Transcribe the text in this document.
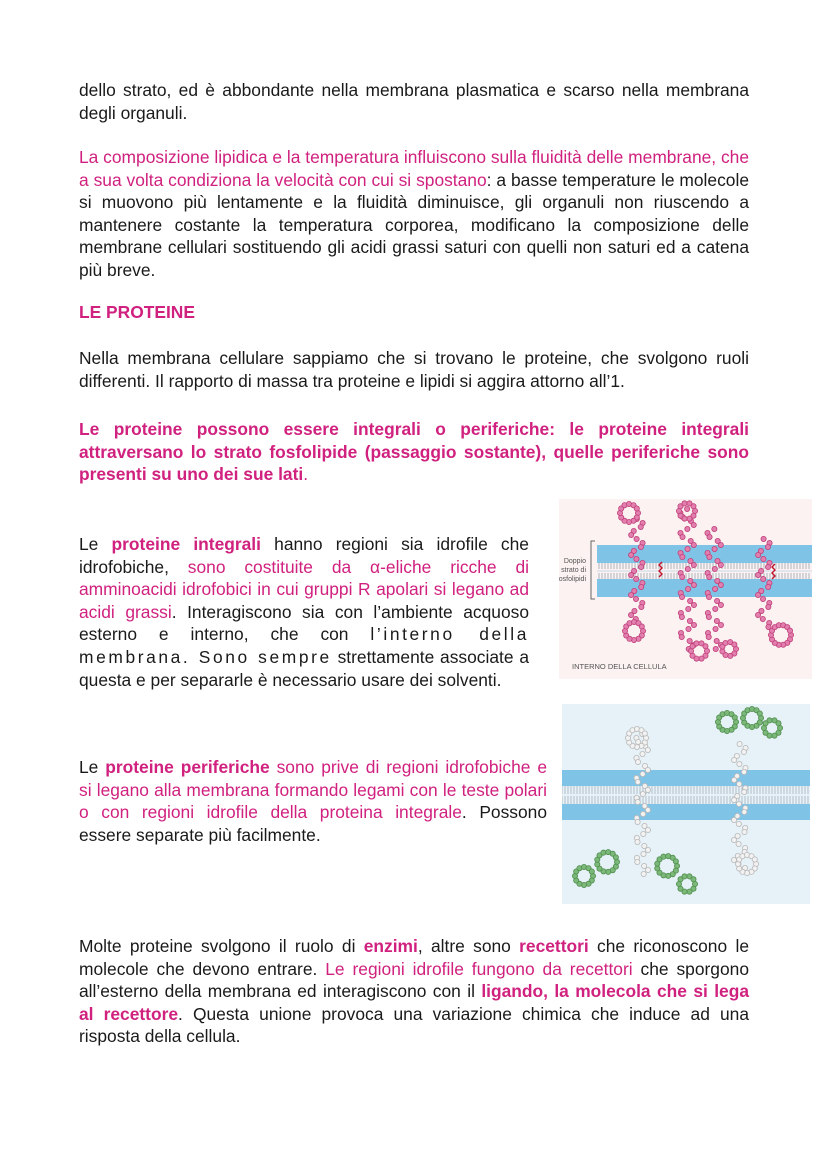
dello strato, ed è abbondante nella membrana plasmatica e scarso nella membrana degli organuli.

La composizione lipidica e la temperatura influiscono sulla fluidità delle membrane, che a sua volta condiziona la velocità con cui si spostano: a basse temperature le molecole si muovono più lentamente e la fluidità diminuisce, gli organuli non riuscendo a mantenere costante la temperatura corporea, modificano la composizione delle membrane cellulari sostituendo gli acidi grassi saturi con quelli non saturi ed a catena più breve.

LE PROTEINE

Nella membrana cellulare sappiamo che si trovano le proteine, che svolgono ruoli differenti. Il rapporto di massa tra proteine e lipidi si aggira attorno all’1.

Le proteine possono essere integrali o periferiche: le proteine integrali attraversano lo strato fosfolipide (passaggio sostante), quelle periferiche sono presenti su uno dei sue lati.

Le proteine integrali hanno regioni sia idrofile che idrofobiche, sono costituite da α-eliche ricche di amminoacidi idrofobici in cui gruppi R apolari si legano ad acidi grassi. Interagiscono sia con l’ambiente acquoso esterno e interno, che con l’interno della membrana. Sono sempre strettamente associate a questa e per separarle è necessario usare dei solventi.

Le proteine periferiche sono prive di regioni idrofobiche e si legano alla membrana formando legami con le teste polari o con regioni idrofile della proteina integrale. Possono essere separate più facilmente.

Molte proteine svolgono il ruolo di enzimi, altre sono recettori che riconoscono le molecole che devono entrare. Le regioni idrofile fungono da recettori che sporgono all’esterno della membrana ed interagiscono con il ligando, la molecola che si lega al recettore. Questa unione provoca una variazione chimica che induce ad una risposta della cellula.

Doppio
strato di
fosfolipidi
INTERNO DELLA CELLULA
